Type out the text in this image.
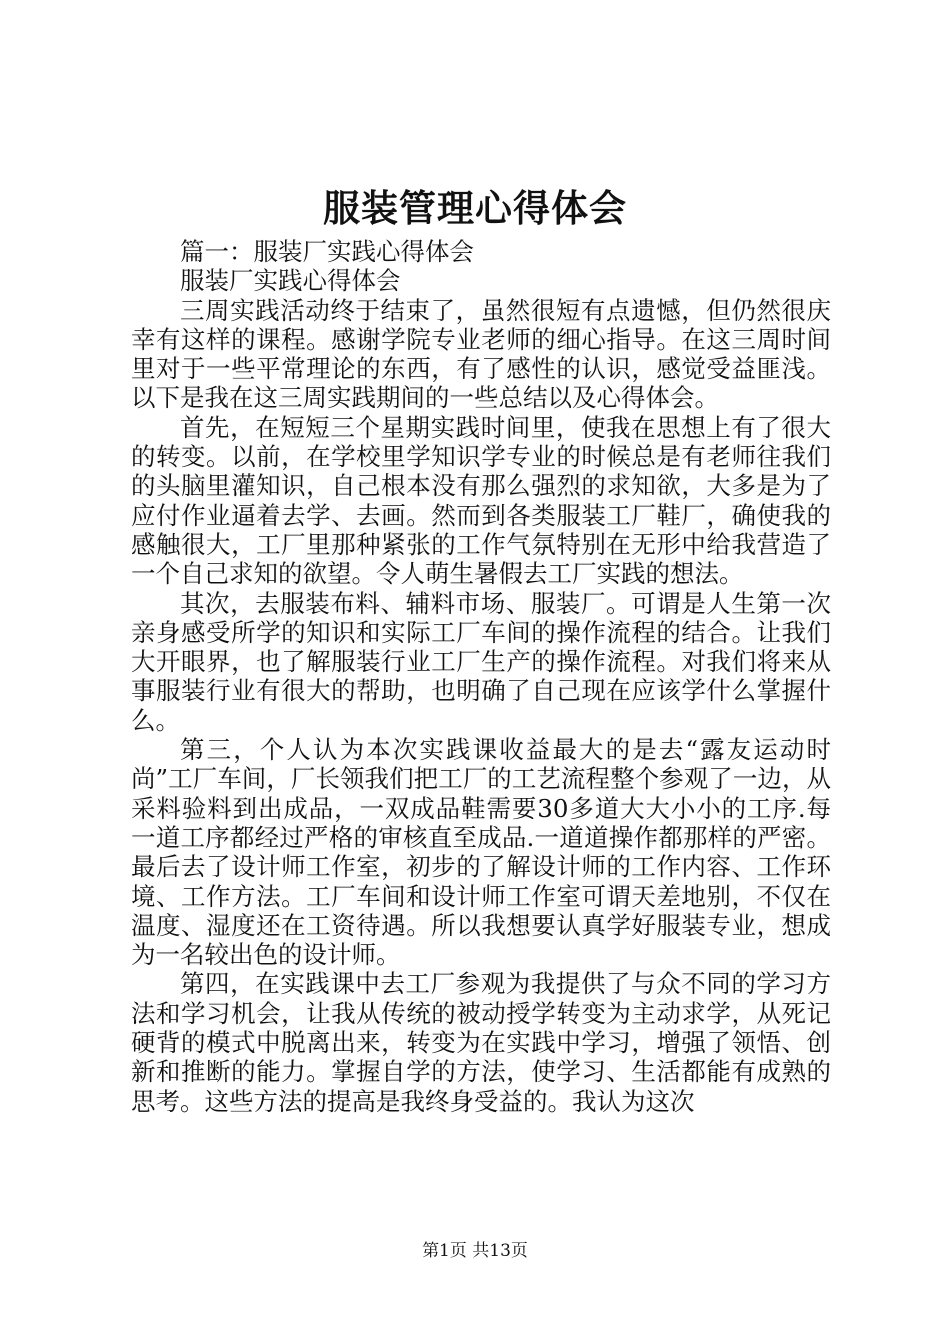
服装管理心得体会

篇一：服装厂实践心得体会

服装厂实践心得体会

三周实践活动终于结束了，虽然很短有点遗憾，但仍然很庆幸有这样的课程。感谢学院专业老师的细心指导。在这三周时间里对于一些平常理论的东西，有了感性的认识，感觉受益匪浅。以下是我在这三周实践期间的一些总结以及心得体会。

首先，在短短三个星期实践时间里，使我在思想上有了很大的转变。以前，在学校里学知识学专业的时候总是有老师往我们的头脑里灌知识，自己根本没有那么强烈的求知欲，大多是为了应付作业逼着去学、去画。然而到各类服装工厂鞋厂，确使我的感触很大，工厂里那种紧张的工作气氛特别在无形中给我营造了一个自己求知的欲望。令人萌生暑假去工厂实践的想法。

其次，去服装布料、辅料市场、服装厂。可谓是人生第一次亲身感受所学的知识和实际工厂车间的操作流程的结合。让我们大开眼界，也了解服装行业工厂生产的操作流程。对我们将来从事服装行业有很大的帮助，也明确了自己现在应该学什么掌握什么。

第三，个人认为本次实践课收益最大的是去“露友运动时尚”工厂车间，厂长领我们把工厂的工艺流程整个参观了一边，从采料验料到出成品，一双成品鞋需要30多道大大小小的工序.每一道工序都经过严格的审核直至成品.一道道操作都那样的严密。最后去了设计师工作室，初步的了解设计师的工作内容、工作环境、工作方法。工厂车间和设计师工作室可谓天差地别，不仅在温度、湿度还在工资待遇。所以我想要认真学好服装专业，想成为一名较出色的设计师。

第四，在实践课中去工厂参观为我提供了与众不同的学习方法和学习机会，让我从传统的被动授学转变为主动求学，从死记硬背的模式中脱离出来，转变为在实践中学习，增强了领悟、创新和推断的能力。掌握自学的方法，使学习、生活都能有成熟的思考。这些方法的提高是我终身受益的。我认为这次

第1页 共13页
